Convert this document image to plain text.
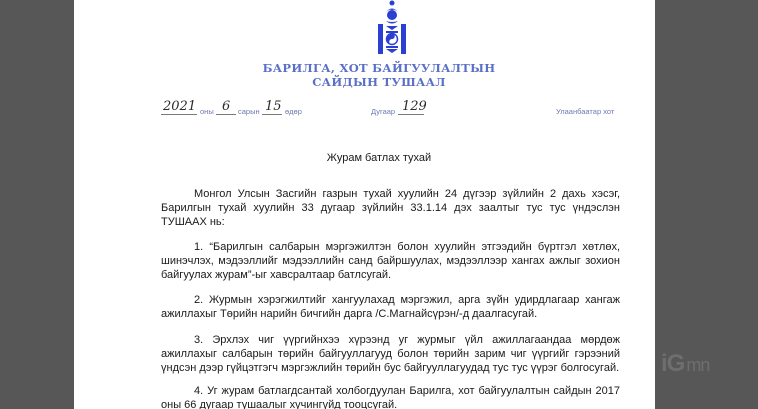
БАРИЛГА, ХОТ БАЙГУУЛАЛТЫН
САЙДЫН ТУШААЛ
2021 оны 6 сарын 15 өдөр	Дугаар 129	Улаанбаатар хот
Журам батлах тухай
Монгол Улсын Засгийн газрын тухай хуулийн 24 дүгээр зүйлийн 2 дахь хэсэг, Барилгын тухай хуулийн 33 дугаар зүйлийн 33.1.14 дэх заалтыг тус тус үндэслэн ТУШААХ нь:
1. “Барилгын салбарын мэргэжилтэн болон хуулийн этгээдийн бүртгэл хөтлөх, шинэчлэх, мэдээллийг мэдээллийн санд байршуулах, мэдээллээр хангах ажлыг зохион байгуулах журам”-ыг хавсралтаар батлсугай.
2. Журмын хэрэгжилтийг хангуулахад мэргэжил, арга зүйн удирдлагаар хангаж ажиллахыг Төрийн нарийн бичгийн дарга /С.Магнайсүрэн/-д даалгасугай.
3. Эрхлэх чиг үүргийнхээ хүрээнд уг журмыг үйл ажиллагаандаа мөрдөж ажиллахыг салбарын төрийн байгууллагууд болон төрийн зарим чиг үүргийг гэрээний үндсэн дээр гүйцэтгэгч мэргэжлийн төрийн бус байгууллагуудад тус тус үүрэг болгосугай.
4. Уг журам батлагдсантай холбогдуулан Барилга, хот байгуулалтын сайдын 2017 оны 66 дугаар тушаалыг хүчингүйд тооцсугай.
iG mn
